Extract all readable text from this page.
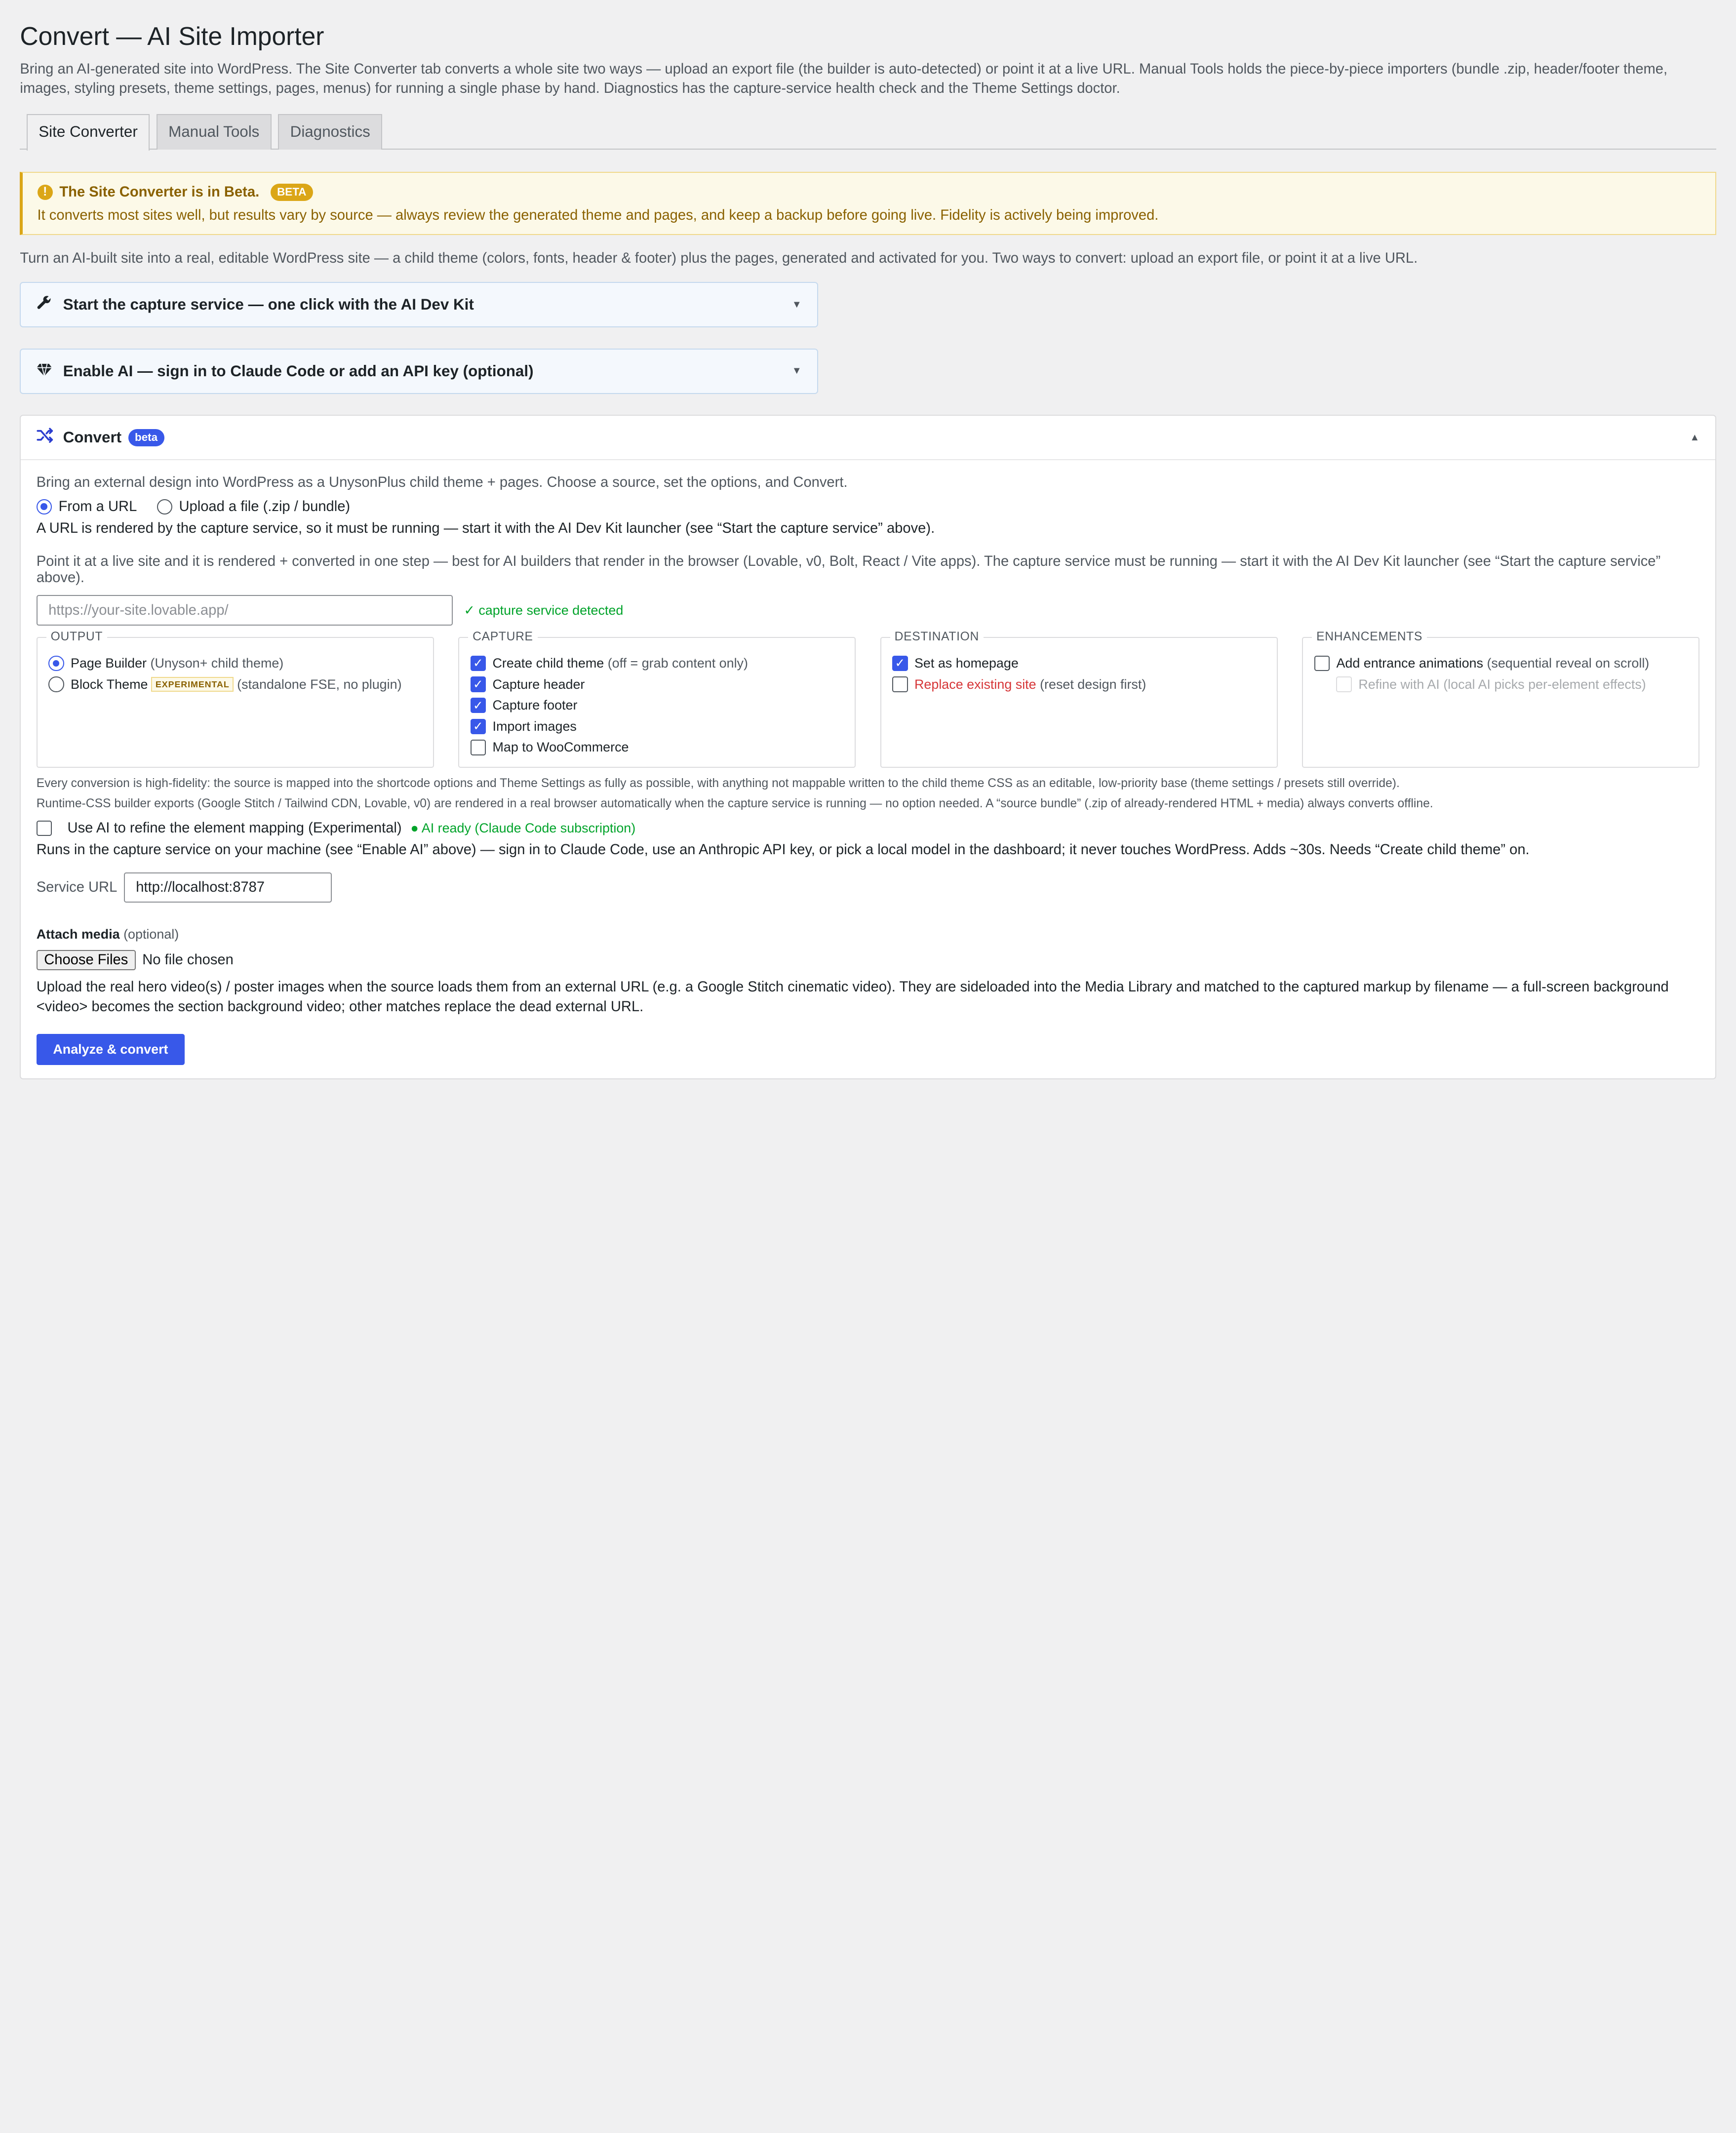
Convert — AI Site Importer

Bring an AI-generated site into WordPress. The Site Converter tab converts a whole site two ways — upload an export file (the builder is auto-detected) or point it at a live URL. Manual Tools holds the piece-by-piece importers (bundle .zip, header/footer theme, images, styling presets, theme settings, pages, menus) for running a single phase by hand. Diagnostics has the capture-service health check and the Theme Settings doctor.

Site Converter	Manual Tools	Diagnostics
!	The Site Converter is in Beta.	BETA
It converts most sites well, but results vary by source — always review the generated theme and pages, and keep a backup before going live. Fidelity is actively being improved.

Turn an AI-built site into a real, editable WordPress site — a child theme (colors, fonts, header & footer) plus the pages, generated and activated for you. Two ways to convert: upload an export file, or point it at a live URL.

Start the capture service — one click with the AI Dev Kit	▼
Enable AI — sign in to Claude Code or add an API key (optional)	▼
Convert	beta	▲
Bring an external design into WordPress as a UnysonPlus child theme + pages. Choose a source, set the options, and Convert.
From a URL	Upload a file (.zip / bundle)
A URL is rendered by the capture service, so it must be running — start it with the AI Dev Kit launcher (see “Start the capture service” above).
Point it at a live site and it is rendered + converted in one step — best for AI builders that render in the browser (Lovable, v0, Bolt, React / Vite apps). The capture service must be running — start it with the AI Dev Kit launcher (see “Start the capture service” above).
https://your-site.lovable.app/
✓ capture service detected
OUTPUT
Page Builder
(Unyson+ child theme)
Block Theme	EXPERIMENTAL	(standalone FSE, no plugin)
CAPTURE
✓	Create child theme
(off = grab content only)
✓	Capture header
✓	Capture footer
✓	Import images
Map to WooCommerce
DESTINATION
✓	Set as homepage
Replace existing site
(reset design first)
ENHANCEMENTS
Add entrance animations
(sequential reveal on scroll)
Refine with AI
(local AI picks per-element effects)
Every conversion is high-fidelity: the source is mapped into the shortcode options and Theme Settings as fully as possible, with anything not mappable written to the child theme CSS as an editable, low-priority base (theme settings / presets still override).
Runtime-CSS builder exports (Google Stitch / Tailwind CDN, Lovable, v0) are rendered in a real browser automatically when the capture service is running — no option needed. A “source bundle” (.zip of already-rendered HTML + media) always converts offline.
Use AI to refine the element mapping (Experimental) ● AI ready (Claude Code subscription)
Runs in the capture service on your machine (see “Enable AI” above) — sign in to Claude Code, use an Anthropic API key, or pick a local model in the dashboard; it never touches WordPress. Adds ~30s. Needs “Create child theme” on.
Service URL
http://localhost:8787
Attach media (optional)
Choose Files	No file chosen
Upload the real hero video(s) / poster images when the source loads them from an external URL (e.g. a Google Stitch cinematic video). They are sideloaded into the Media Library and matched to the captured markup by filename — a full-screen background <video> becomes the section background video; other matches replace the dead external URL.
Analyze & convert
